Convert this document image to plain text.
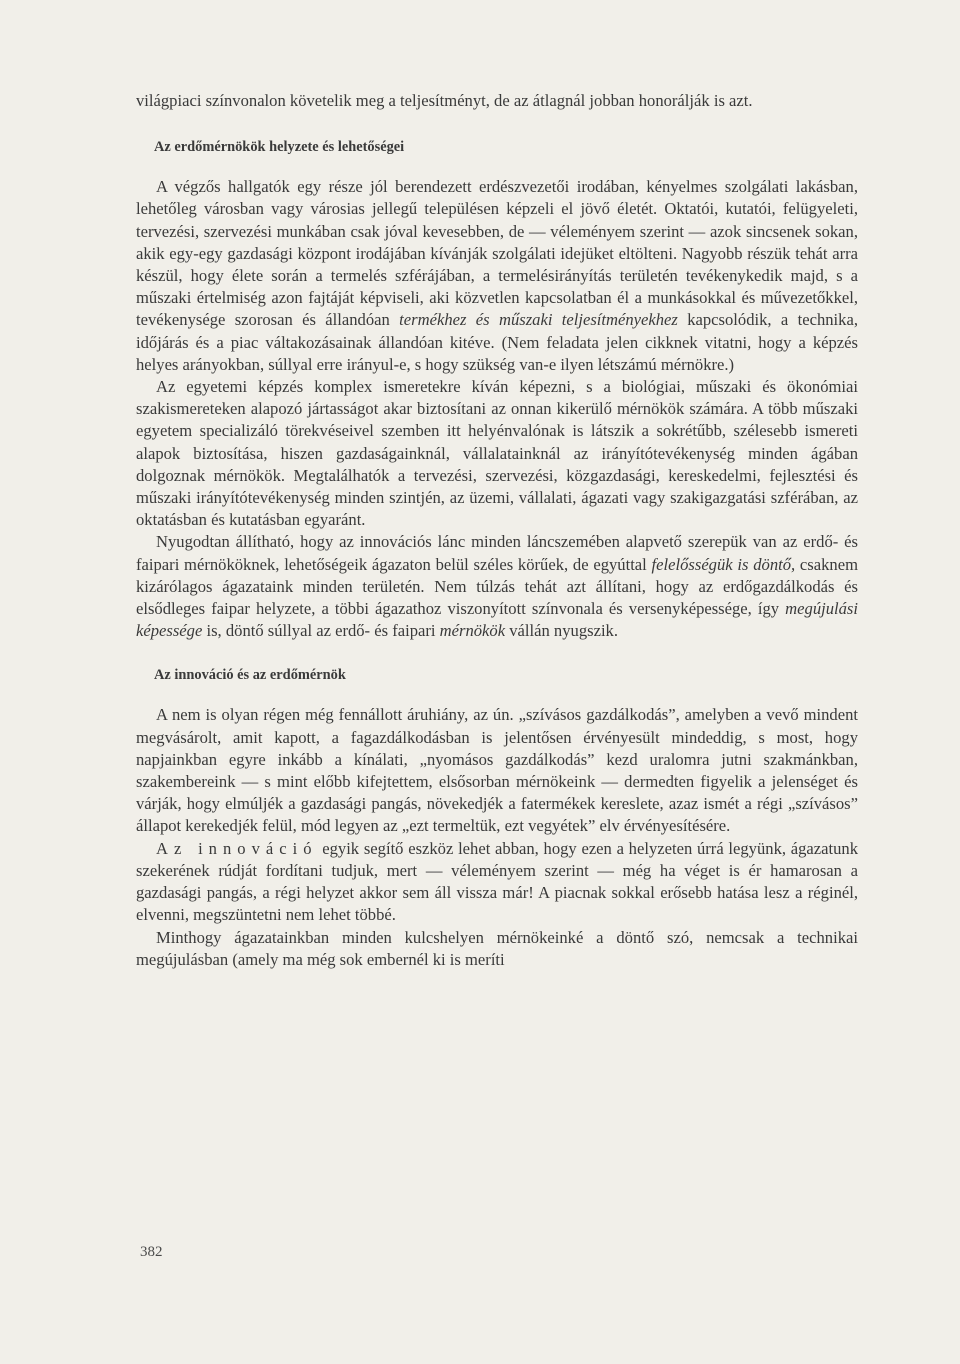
világpiaci színvonalon követelik meg a teljesítményt, de az átlagnál jobban honorálják is azt.

Az erdőmérnökök helyzete és lehetőségei

A végzős hallgatók egy része jól berendezett erdészvezetői irodában, kényelmes szolgálati lakásban, lehetőleg városban vagy városias jellegű településen képzeli el jövő életét. Oktatói, kutatói, felügyeleti, tervezési, szervezési munkában csak jóval kevesebben, de — véleményem szerint — azok sincsenek sokan, akik egy-egy gazdasági központ irodájában kívánják szolgálati idejüket eltölteni. Nagyobb részük tehát arra készül, hogy élete során a termelés szférájában, a termelésirányítás területén tevékenykedik majd, s a műszaki értelmiség azon fajtáját képviseli, aki közvetlen kapcsolatban él a munkásokkal és művezetőkkel, tevékenysége szorosan és állandóan termékhez és műszaki teljesítményekhez kapcsolódik, a technika, időjárás és a piac váltakozásainak állandóan kitéve. (Nem feladata jelen cikknek vitatni, hogy a képzés helyes arányokban, súllyal erre irányul-e, s hogy szükség van-e ilyen létszámú mérnökre.)

Az egyetemi képzés komplex ismeretekre kíván képezni, s a biológiai, műszaki és ökonómiai szakismereteken alapozó jártasságot akar biztosítani az onnan kikerülő mérnökök számára. A több műszaki egyetem specializáló törekvéseivel szemben itt helyénvalónak is látszik a sokrétűbb, szélesebb ismereti alapok biztosítása, hiszen gazdaságainknál, vállalatainknál az irányítótevékenység minden ágában dolgoznak mérnökök. Megtalálhatók a tervezési, szervezési, közgazdasági, kereskedelmi, fejlesztési és műszaki irányítótevékenység minden szintjén, az üzemi, vállalati, ágazati vagy szakigazgatási szférában, az oktatásban és kutatásban egyaránt.

Nyugodtan állítható, hogy az innovációs lánc minden láncszemében alapvető szerepük van az erdő- és faipari mérnököknek, lehetőségeik ágazaton belül széles körűek, de egyúttal felelősségük is döntő, csaknem kizárólagos ágazataink minden területén. Nem túlzás tehát azt állítani, hogy az erdőgazdálkodás és elsődleges faipar helyzete, a többi ágazathoz viszonyított színvonala és versenyképessége, így megújulási képessége is, döntő súllyal az erdő- és faipari mérnökök vállán nyugszik.

Az innováció és az erdőmérnök

A nem is olyan régen még fennállott áruhiány, az ún. „szívásos gazdálkodás”, amelyben a vevő mindent megvásárolt, amit kapott, a fagazdálkodásban is jelentősen érvényesült mindeddig, s most, hogy napjainkban egyre inkább a kínálati, „nyomásos gazdálkodás” kezd uralomra jutni szakmánkban, szakembereink — s mint előbb kifejtettem, elsősorban mérnökeink — dermedten figyelik a jelenséget és várják, hogy elmúljék a gazdasági pangás, növekedjék a fatermékek kereslete, azaz ismét a régi „szívásos” állapot kerekedjék felül, mód legyen az „ezt termeltük, ezt vegyétek” elv érvényesítésére.

Az innováció egyik segítő eszköz lehet abban, hogy ezen a helyzeten úrrá legyünk, ágazatunk szekerének rúdját fordítani tudjuk, mert — véleményem szerint — még ha véget is ér hamarosan a gazdasági pangás, a régi helyzet akkor sem áll vissza már! A piacnak sokkal erősebb hatása lesz a réginél, elvenni, megszüntetni nem lehet többé.

Minthogy ágazatainkban minden kulcshelyen mérnökeinké a döntő szó, nemcsak a technikai megújulásban (amely ma még sok embernél ki is meríti

382
